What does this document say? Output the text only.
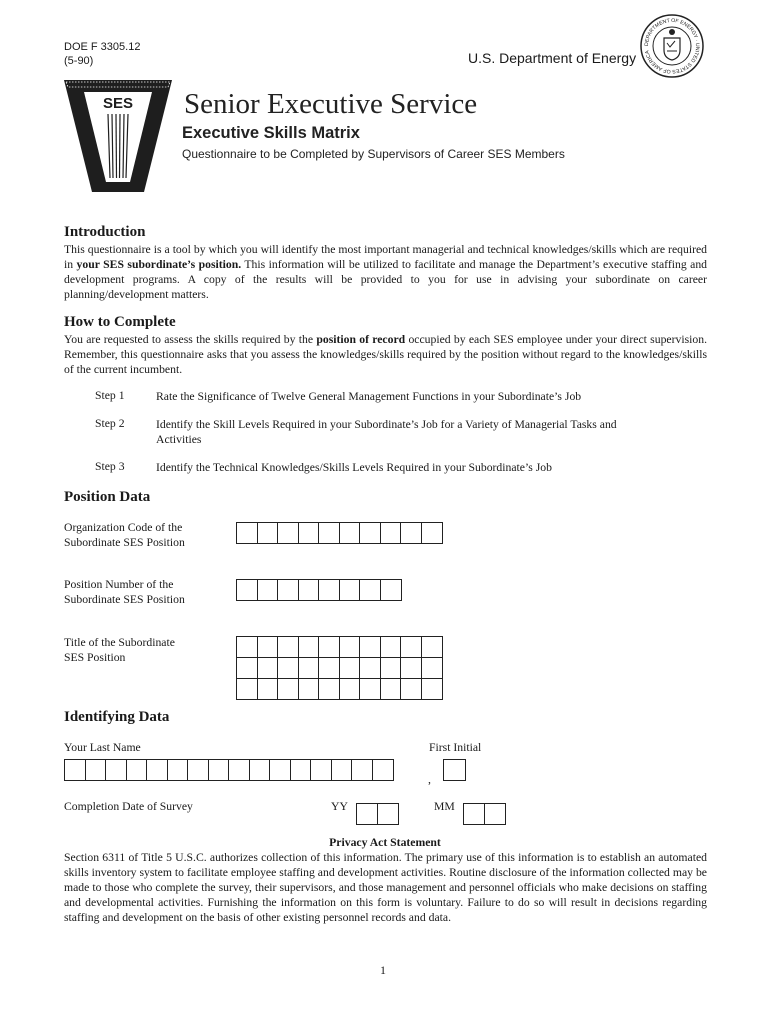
DOE F 3305.12
(5-90)	U.S. Department of Energy
DEPARTMENT OF ENERGY · UNITED STATES OF AMERICA
SES Senior Executive Service
Executive Skills Matrix
Questionnaire to be Completed by Supervisors of Career SES Members
Introduction

This questionnaire is a tool by which you will identify the most important managerial and technical knowledges/skills which are required in your SES subordinate’s position. This information will be utilized to facilitate and manage the Department’s executive staffing and development programs. A copy of the results will be provided to you for use in advising your subordinate on career planning/development matters.

How to Complete

You are requested to assess the skills required by the position of record occupied by each SES employee under your direct supervision. Remember, this questionnaire asks that you assess the knowledges/skills required by the position without regard to the knowledges/skills of the current incumbent.

Step 1	Rate the Significance of Twelve General Management Functions in your Subordinate’s Job
Step 2	Identify the Skill Levels Required in your Subordinate’s Job for a Variety of Managerial Tasks and Activities
Step 3	Identify the Technical Knowledges/Skills Levels Required in your Subordinate’s Job
Position Data
Organization Code of the Subordinate SES Position
Position Number of the Subordinate SES Position
Title of the Subordinate SES Position
Identifying Data
Your Last Name	First Initial
,
Completion Date of Survey	YY	MM
Privacy Act Statement

Section 6311 of Title 5 U.S.C. authorizes collection of this information. The primary use of this information is to establish an automated skills inventory system to facilitate employee staffing and development activities. Routine disclosure of the information collected may be made to those who complete the survey, their supervisors, and those management and personnel officials who make decisions on staffing and developmental activities. Furnishing the information on this form is voluntary. Failure to do so will result in decisions regarding staffing and development on the basis of other existing personnel records and data.

1
